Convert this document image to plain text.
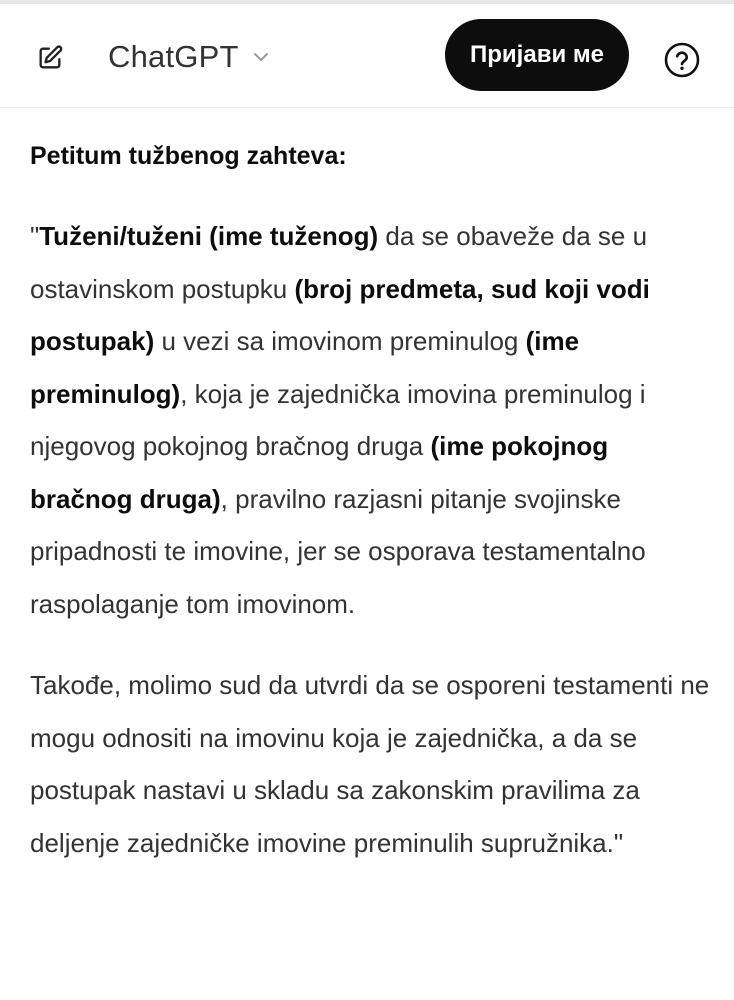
ChatGPT	Пријави ме
Petitum tužbenog zahteva:

"Tuženi/tuženi (ime tuženog) da se obaveže da se u ostavinskom postupku (broj predmeta, sud koji vodi postupak) u vezi sa imovinom preminulog (ime preminulog), koja je zajednička imovina preminulog i njegovog pokojnog bračnog druga (ime pokojnog bračnog druga), pravilno razjasni pitanje svojinske pripadnosti te imovine, jer se osporava testamentalno raspolaganje tom imovinom.

Takođe, molimo sud da utvrdi da se osporeni testamenti ne mogu odnositi na imovinu koja je zajednička, a da se postupak nastavi u skladu sa zakonskim pravilima za deljenje zajedničke imovine preminulih supružnika."
